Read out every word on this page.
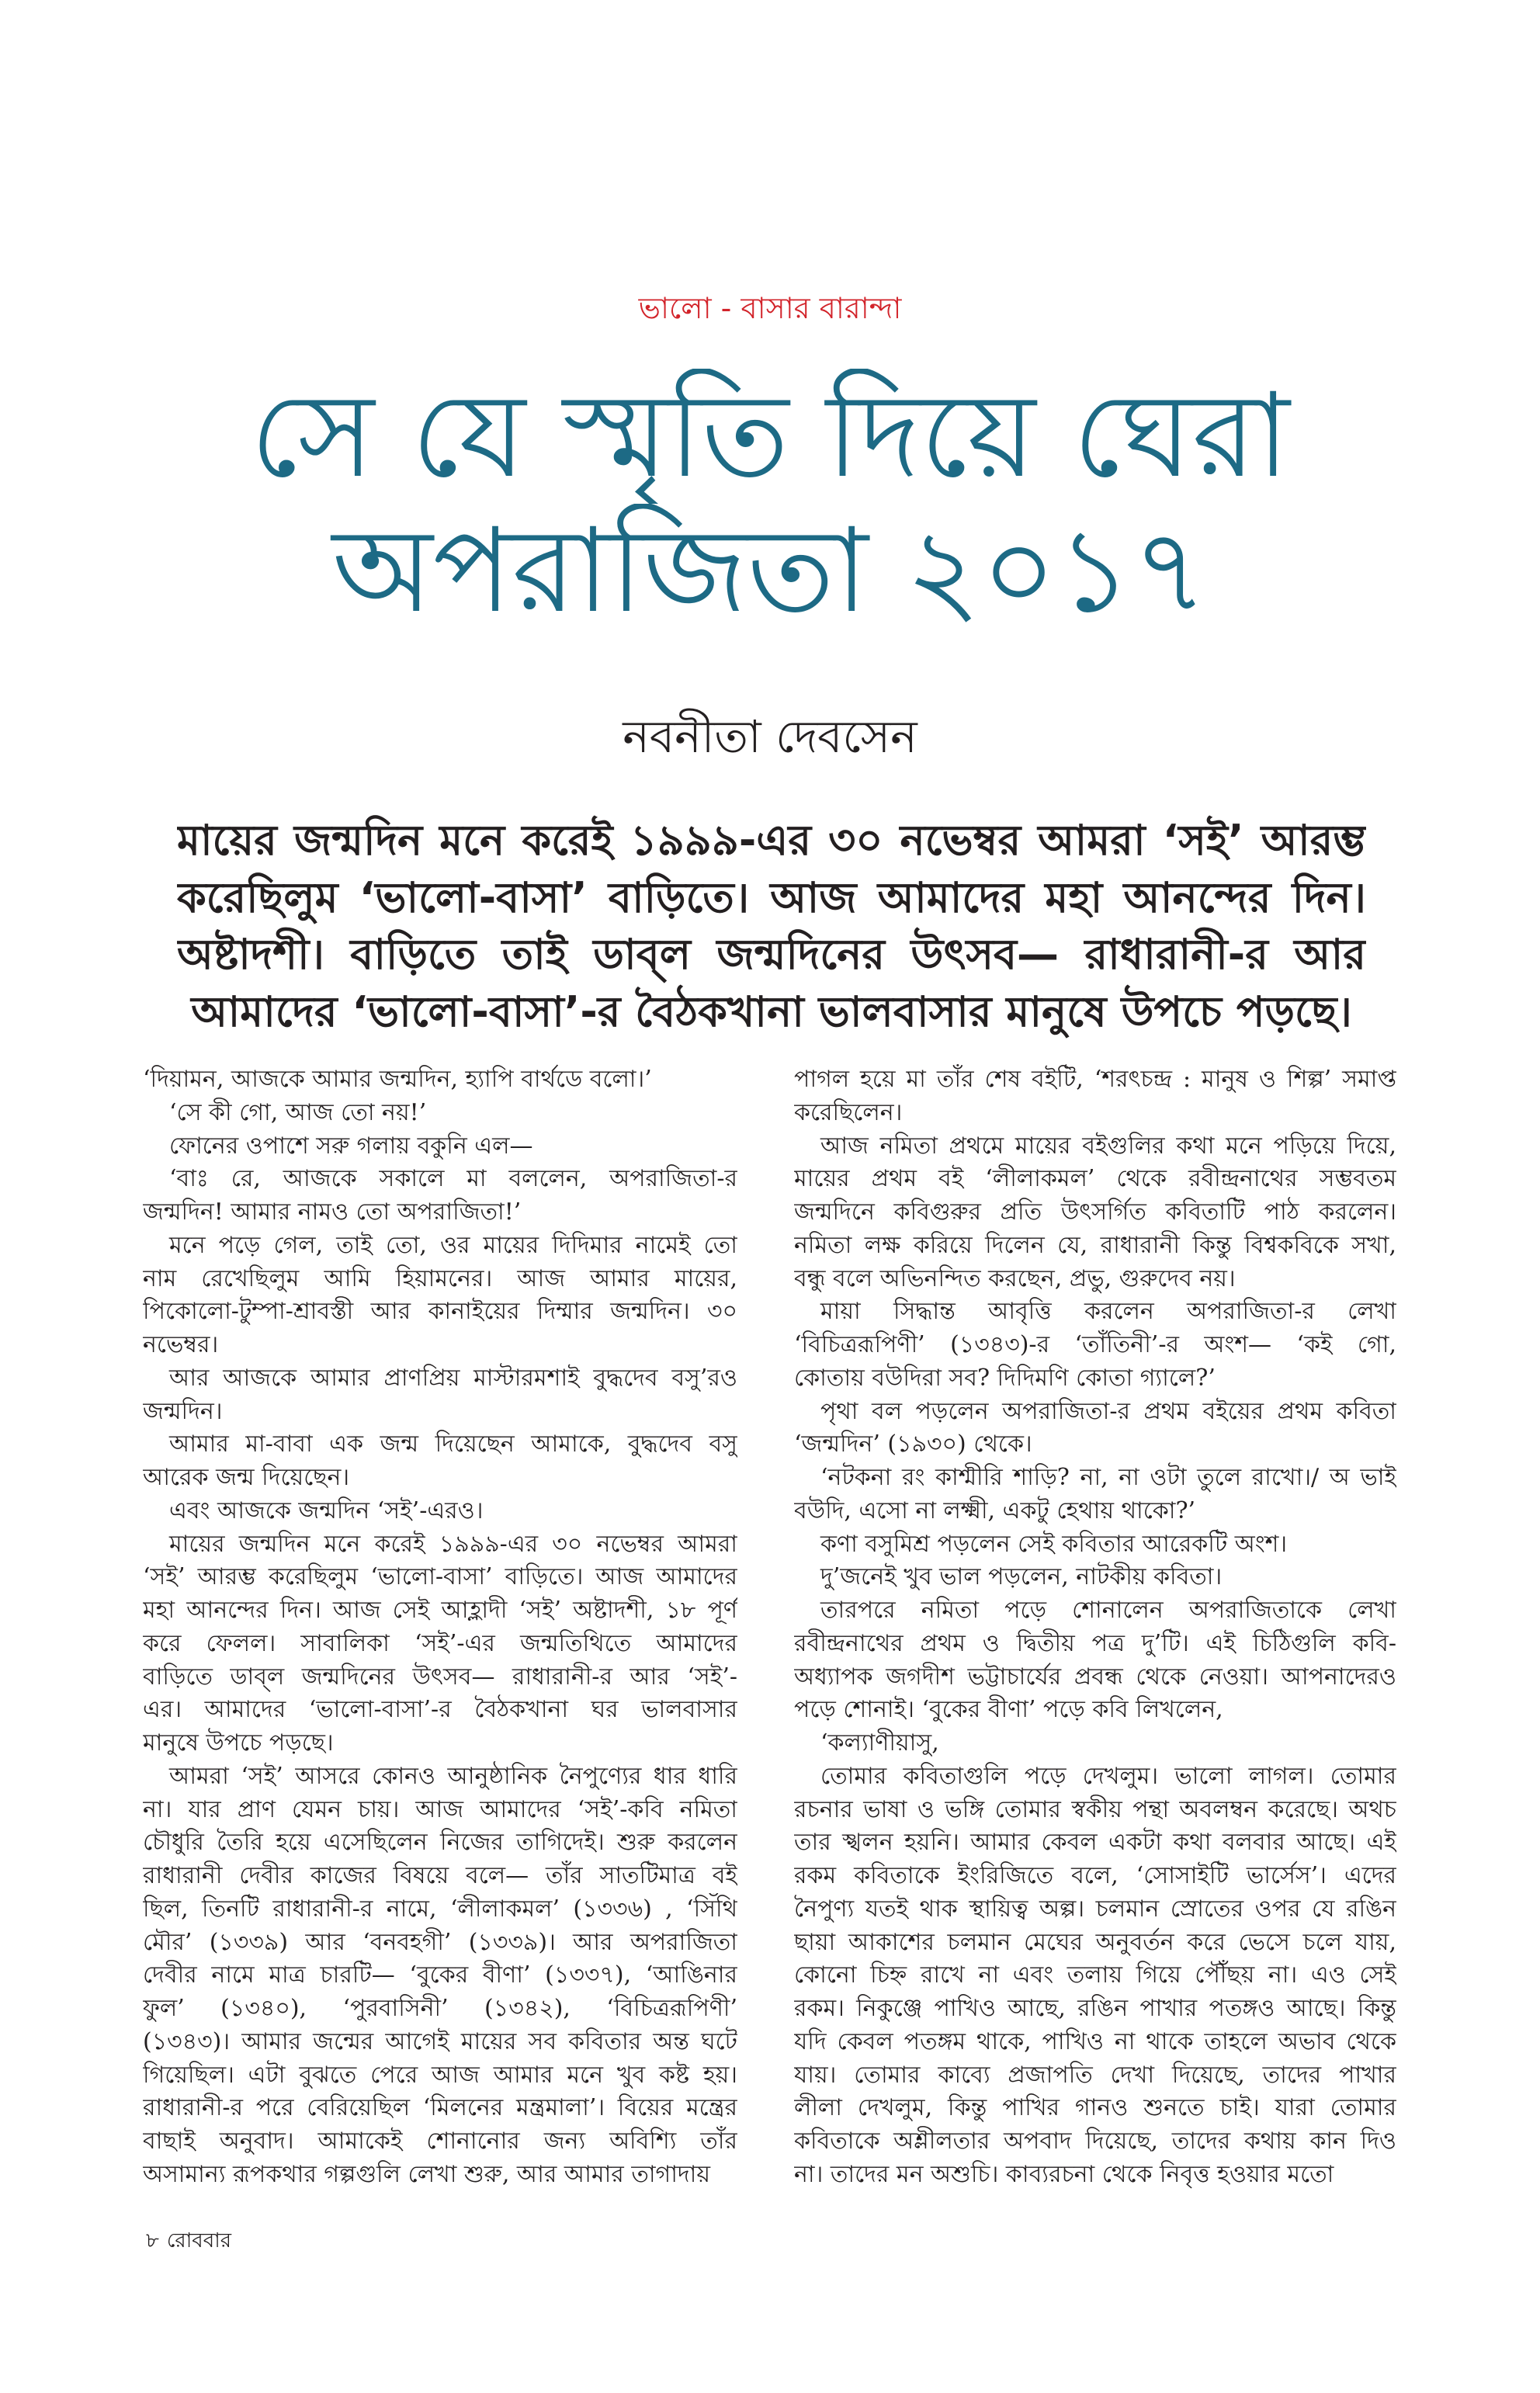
ভালো - বাসার বারান্দা
সে যে স্মৃতি দিয়ে ঘেরা
অপরাজিতা ২০১৭
নবনীতা দেবসেন
মায়ের জন্মদিন মনে করেই ১৯৯৯-এর ৩০ নভেম্বর আমরা ‘সই’ আরম্ভ
করেছিলুম ‘ভালো-বাসা’ বাড়িতে। আজ আমাদের মহা আনন্দের দিন।
অষ্টাদশী। বাড়িতে তাই ডাব্‌ল জন্মদিনের উৎসব— রাধারানী-র আর
আমাদের ‘ভালো-বাসা’-র বৈঠকখানা ভালবাসার মানুষে উপচে পড়ছে।
‘দিয়ামন, আজকে আমার জন্মদিন, হ্যাপি বার্থডে বলো।’
‘সে কী গো, আজ তো নয়!’
ফোনের ওপাশে সরু গলায় বকুনি এল—
‘বাঃ রে, আজকে সকালে মা বললেন, অপরাজিতা-র
জন্মদিন! আমার নামও তো অপরাজিতা!’
মনে পড়ে গেল, তাই তো, ওর মায়ের দিদিমার নামেই তো
নাম রেখেছিলুম আমি হিয়ামনের। আজ আমার মায়ের,
পিকোলো-টুম্পা-শ্রাবস্তী আর কানাইয়ের দিম্মার জন্মদিন। ৩০
নভেম্বর।
আর আজকে আমার প্রাণপ্রিয় মাস্টারমশাই বুদ্ধদেব বসু’রও
জন্মদিন।
আমার মা-বাবা এক জন্ম দিয়েছেন আমাকে, বুদ্ধদেব বসু
আরেক জন্ম দিয়েছেন।
এবং আজকে জন্মদিন ‘সই’-এরও।
মায়ের জন্মদিন মনে করেই ১৯৯৯-এর ৩০ নভেম্বর আমরা
‘সই’ আরম্ভ করেছিলুম ‘ভালো-বাসা’ বাড়িতে। আজ আমাদের
মহা আনন্দের দিন। আজ সেই আহ্লাদী ‘সই’ অষ্টাদশী, ১৮ পূর্ণ
করে ফেলল। সাবালিকা ‘সই’-এর জন্মতিথিতে আমাদের
বাড়িতে ডাব্‌ল জন্মদিনের উৎসব— রাধারানী-র আর ‘সই’-
এর। আমাদের ‘ভালো-বাসা’-র বৈঠকখানা ঘর ভালবাসার
মানুষে উপচে পড়ছে।
আমরা ‘সই’ আসরে কোনও আনুষ্ঠানিক নৈপুণ্যের ধার ধারি
না। যার প্রাণ যেমন চায়। আজ আমাদের ‘সই’-কবি নমিতা
চৌধুরি তৈরি হয়ে এসেছিলেন নিজের তাগিদেই। শুরু করলেন
রাধারানী দেবীর কাজের বিষয়ে বলে— তাঁর সাতটিমাত্র বই
ছিল, তিনটি রাধারানী-র নামে, ‘লীলাকমল’ (১৩৩৬) , ‘সিঁথি
মৌর’ (১৩৩৯) আর ‘বনবহগী’ (১৩৩৯)। আর অপরাজিতা
দেবীর নামে মাত্র চারটি— ‘বুকের বীণা’ (১৩৩৭), ‘আঙিনার
ফুল’ (১৩৪০), ‘পুরবাসিনী’ (১৩৪২), ‘বিচিত্ররূপিণী’
(১৩৪৩)। আমার জন্মের আগেই মায়ের সব কবিতার অন্ত ঘটে
গিয়েছিল। এটা বুঝতে পেরে আজ আমার মনে খুব কষ্ট হয়।
রাধারানী-র পরে বেরিয়েছিল ‘মিলনের মন্ত্রমালা’। বিয়ের মন্ত্রের
বাছাই অনুবাদ। আমাকেই শোনানোর জন্য অবিশ্যি তাঁর
অসামান্য রূপকথার গল্পগুলি লেখা শুরু, আর আমার তাগাদায়
পাগল হয়ে মা তাঁর শেষ বইটি, ‘শরৎচন্দ্র : মানুষ ও শিল্প’ সমাপ্ত
করেছিলেন।
আজ নমিতা প্রথমে মায়ের বইগুলির কথা মনে পড়িয়ে দিয়ে,
মায়ের প্রথম বই ‘লীলাকমল’ থেকে রবীন্দ্রনাথের সম্ভবতম
জন্মদিনে কবিগুরুর প্রতি উৎসর্গিত কবিতাটি পাঠ করলেন।
নমিতা লক্ষ করিয়ে দিলেন যে, রাধারানী কিন্তু বিশ্বকবিকে সখা,
বন্ধু বলে অভিনন্দিত করছেন, প্রভু, গুরুদেব নয়।
মায়া সিদ্ধান্ত আবৃত্তি করলেন অপরাজিতা-র লেখা
‘বিচিত্ররূপিণী’ (১৩৪৩)-র ‘তাঁতিনী’-র অংশ— ‘কই গো,
কোতায় বউদিরা সব? দিদিমণি কোতা গ্যালে?’
পৃথা বল পড়লেন অপরাজিতা-র প্রথম বইয়ের প্রথম কবিতা
‘জন্মদিন’ (১৯৩০) থেকে।
‘নটকনা রং কাশ্মীরি শাড়ি? না, না ওটা তুলে রাখো।/ অ ভাই
বউদি, এসো না লক্ষ্মী, একটু হেথায় থাকো?’
কণা বসুমিশ্র পড়লেন সেই কবিতার আরেকটি অংশ।
দু’জনেই খুব ভাল পড়লেন, নাটকীয় কবিতা।
তারপরে নমিতা পড়ে শোনালেন অপরাজিতাকে লেখা
রবীন্দ্রনাথের প্রথম ও দ্বিতীয় পত্র দু’টি। এই চিঠিগুলি কবি-
অধ্যাপক জগদীশ ভট্টাচার্যের প্রবন্ধ থেকে নেওয়া। আপনাদেরও
পড়ে শোনাই। ‘বুকের বীণা’ পড়ে কবি লিখলেন,
‘কল্যাণীয়াসু,
তোমার কবিতাগুলি পড়ে দেখলুম। ভালো লাগল। তোমার
রচনার ভাষা ও ভঙ্গি তোমার স্বকীয় পন্থা অবলম্বন করেছে। অথচ
তার স্খলন হয়নি। আমার কেবল একটা কথা বলবার আছে। এই
রকম কবিতাকে ইংরিজিতে বলে, ‘সোসাইটি ভার্সেস’। এদের
নৈপুণ্য যতই থাক স্থায়িত্ব অল্প। চলমান স্রোতের ওপর যে রঙিন
ছায়া আকাশের চলমান মেঘের অনুবর্তন করে ভেসে চলে যায়,
কোনো চিহ্ন রাখে না এবং তলায় গিয়ে পৌঁছয় না। এও সেই
রকম। নিকুঞ্জে পাখিও আছে, রঙিন পাখার পতঙ্গও আছে। কিন্তু
যদি কেবল পতঙ্গম থাকে, পাখিও না থাকে তাহলে অভাব থেকে
যায়। তোমার কাব্যে প্রজাপতি দেখা দিয়েছে, তাদের পাখার
লীলা দেখলুম, কিন্তু পাখির গানও শুনতে চাই। যারা তোমার
কবিতাকে অশ্লীলতার অপবাদ দিয়েছে, তাদের কথায় কান দিও
না। তাদের মন অশুচি। কাব্যরচনা থেকে নিবৃত্ত হওয়ার মতো
৮ রোববার
